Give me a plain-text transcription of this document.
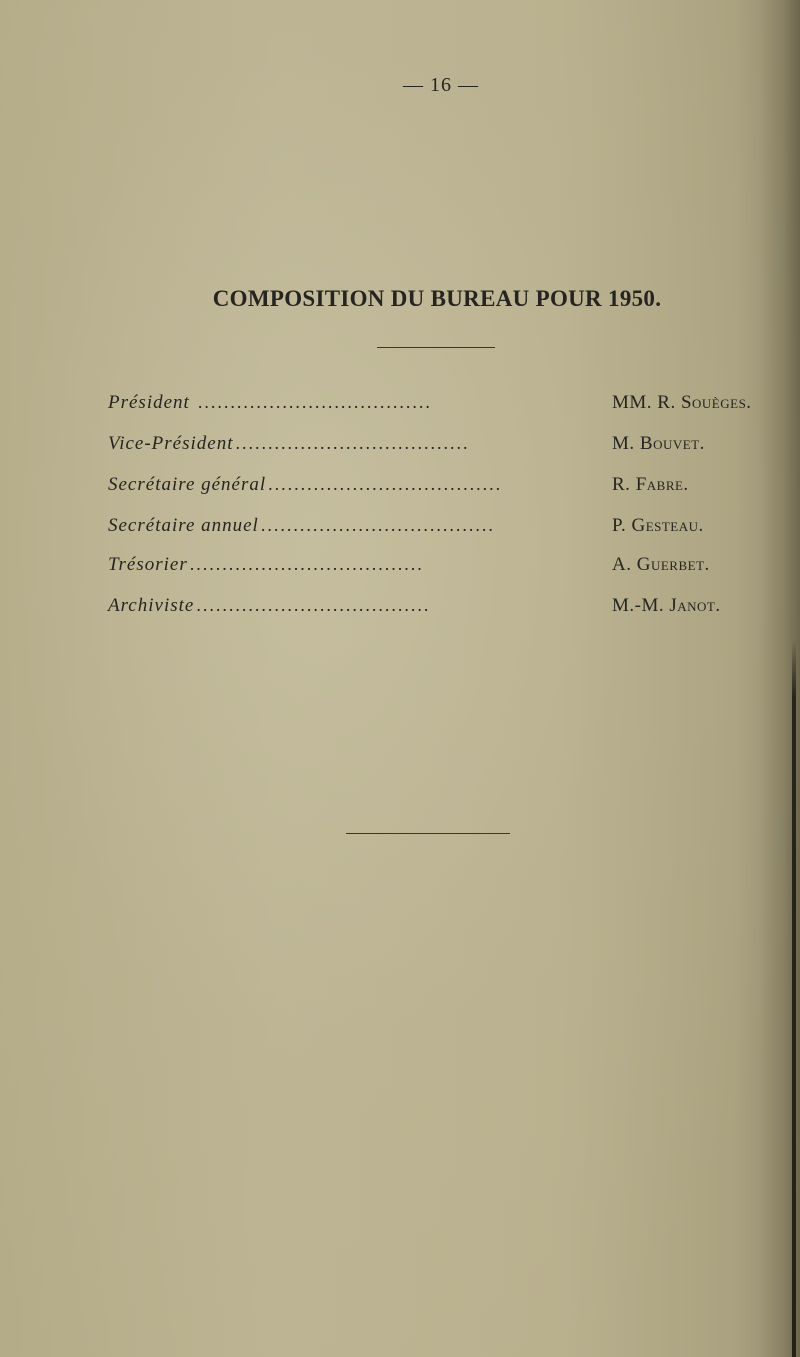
— 16 —
COMPOSITION DU BUREAU POUR 1950.
Président ....................................	MM. R. Souèges.
Vice-Président ....................................	M. Bouvet.
Secrétaire général ....................................	R. Fabre.
Secrétaire annuel ....................................	P. Gesteau.
Trésorier ....................................	A. Guerbet.
Archiviste ....................................	M.-M. Janot.
